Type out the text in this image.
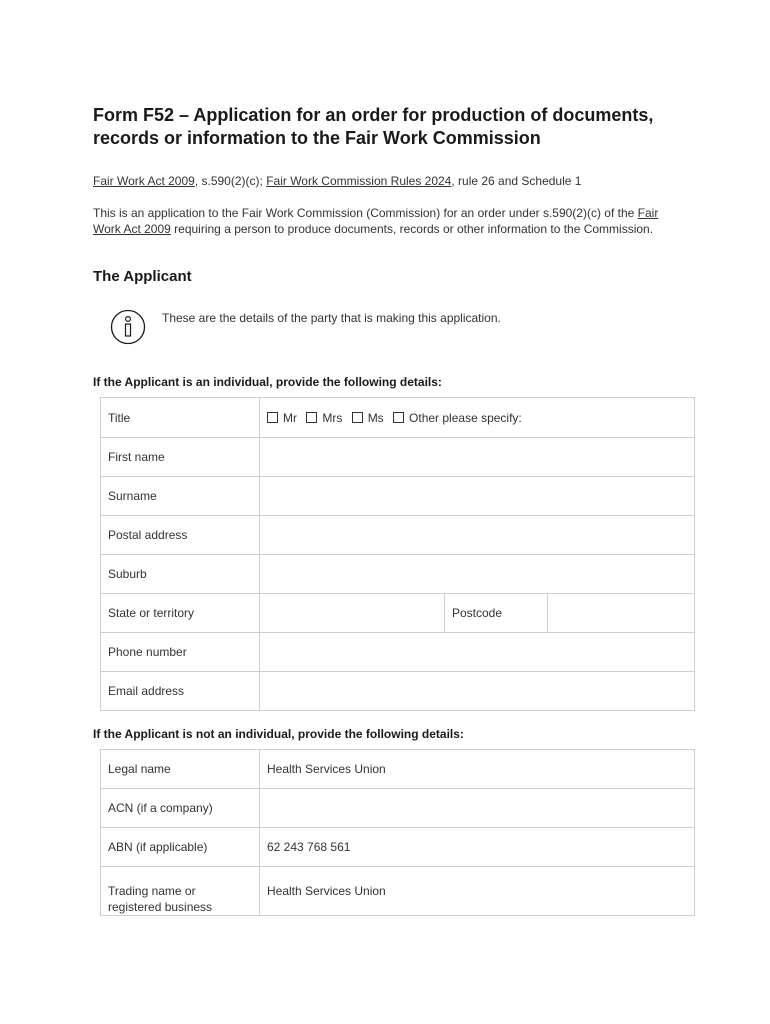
Form F52 – Application for an order for production of documents,
records or information to the Fair Work Commission
Fair Work Act 2009, s.590(2)(c); Fair Work Commission Rules 2024, rule 26 and Schedule 1
This is an application to the Fair Work Commission (Commission) for an order under s.590(2)(c) of the Fair Work Act 2009 requiring a person to produce documents, records or other information to the Commission.
The Applicant
These are the details of the party that is making this application.
If the Applicant is an individual, provide the following details:
Title	Mr Mrs Ms Other please specify:		
First name			
Surname			
Postal address			
Suburb			
State or territory		Postcode	
Phone number			
Email address			
If the Applicant is not an individual, provide the following details:
Legal name	Health Services Union
ACN (if a company)	
ABN (if applicable)	62 243 768 561
Trading name or
registered business	Health Services Union
